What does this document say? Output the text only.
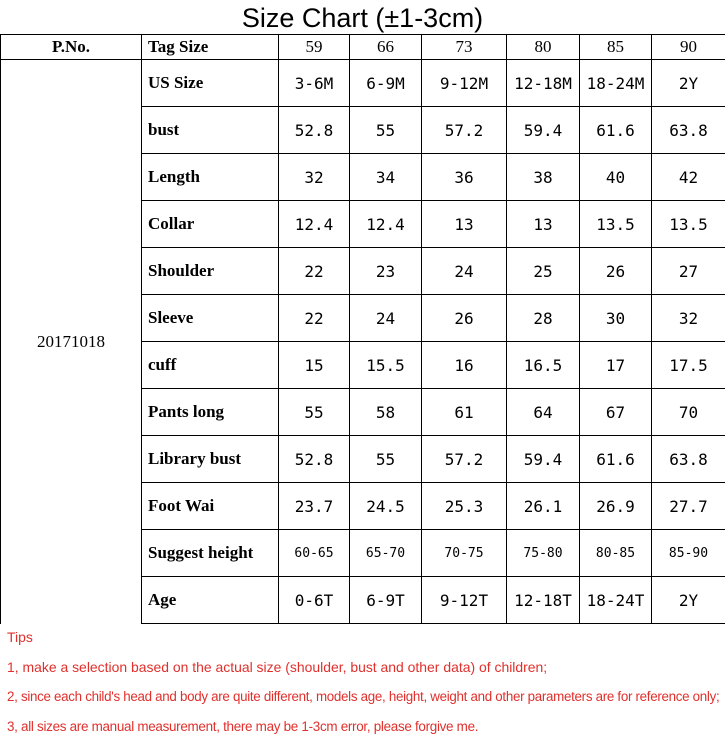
Size Chart (±1-3cm)
P.No.	Tag Size	59	66	73	80	85	90
20171018	US Size	3-6M	6-9M	9-12M	12-18M	18-24M	2Y
	bust	52.8	55	57.2	59.4	61.6	63.8
	Length	32	34	36	38	40	42
	Collar	12.4	12.4	13	13	13.5	13.5
	Shoulder	22	23	24	25	26	27
	Sleeve	22	24	26	28	30	32
	cuff	15	15.5	16	16.5	17	17.5
	Pants long	55	58	61	64	67	70
	Library bust	52.8	55	57.2	59.4	61.6	63.8
	Foot Wai	23.7	24.5	25.3	26.1	26.9	27.7
	Suggest height	60-65	65-70	70-75	75-80	80-85	85-90
	Age	0-6T	6-9T	9-12T	12-18T	18-24T	2Y
Tips
1, make a selection based on the actual size (shoulder, bust and other data) of children;
2, since each child's head and body are quite different, models age, height, weight and other parameters are for reference only;
3, all sizes are manual measurement, there may be 1-3cm error, please forgive me.
